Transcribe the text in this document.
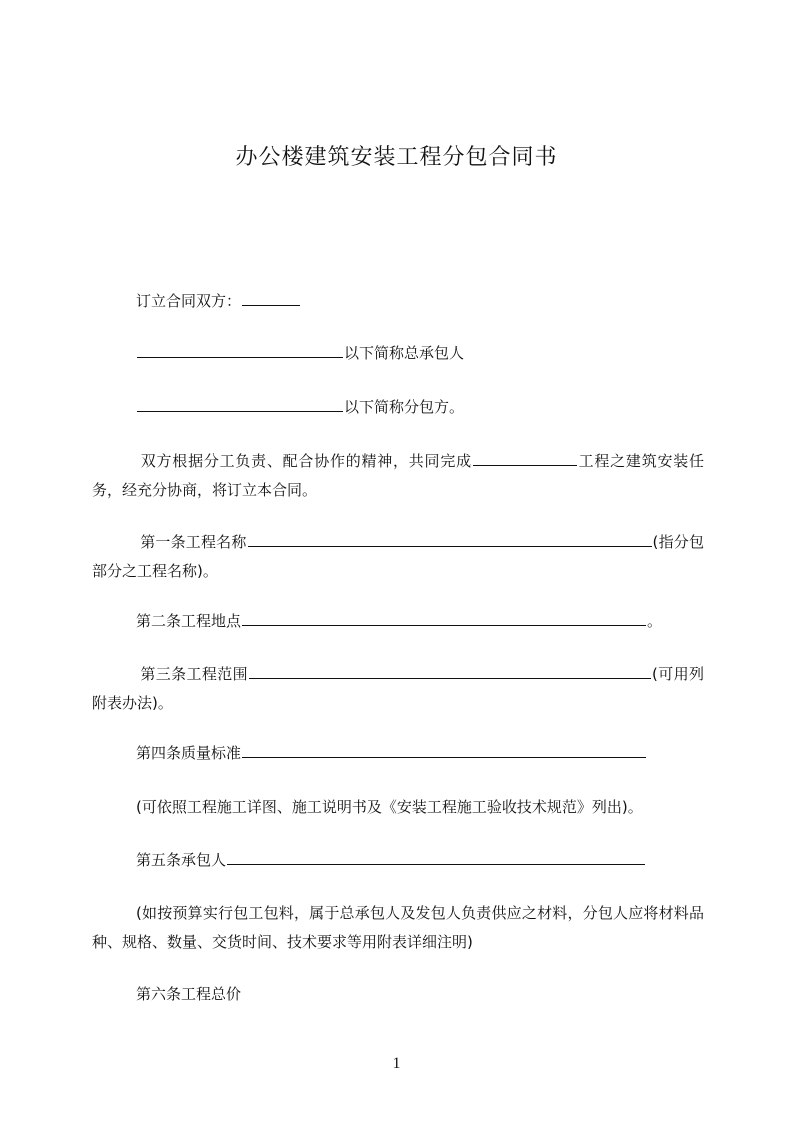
办公楼建筑安装工程分包合同书
订立合同双方：
以下简称总承包人
以下简称分包方。
双方根据分工负责、配合协作的精神，共同完成	工程之建筑安装任务，经充分协商，将订立本合同。
第一条工程名称	(指分包部分之工程名称)。
第二条工程地点	。
第三条工程范围	(可用列附表办法)。
第四条质量标准
(可依照工程施工详图、施工说明书及《安装工程施工验收技术规范》列出)。
第五条承包人
(如按预算实行包工包料，属于总承包人及发包人负责供应之材料，分包人应将材料品种、规格、数量、交货时间、技术要求等用附表详细注明)
第六条工程总价
1
